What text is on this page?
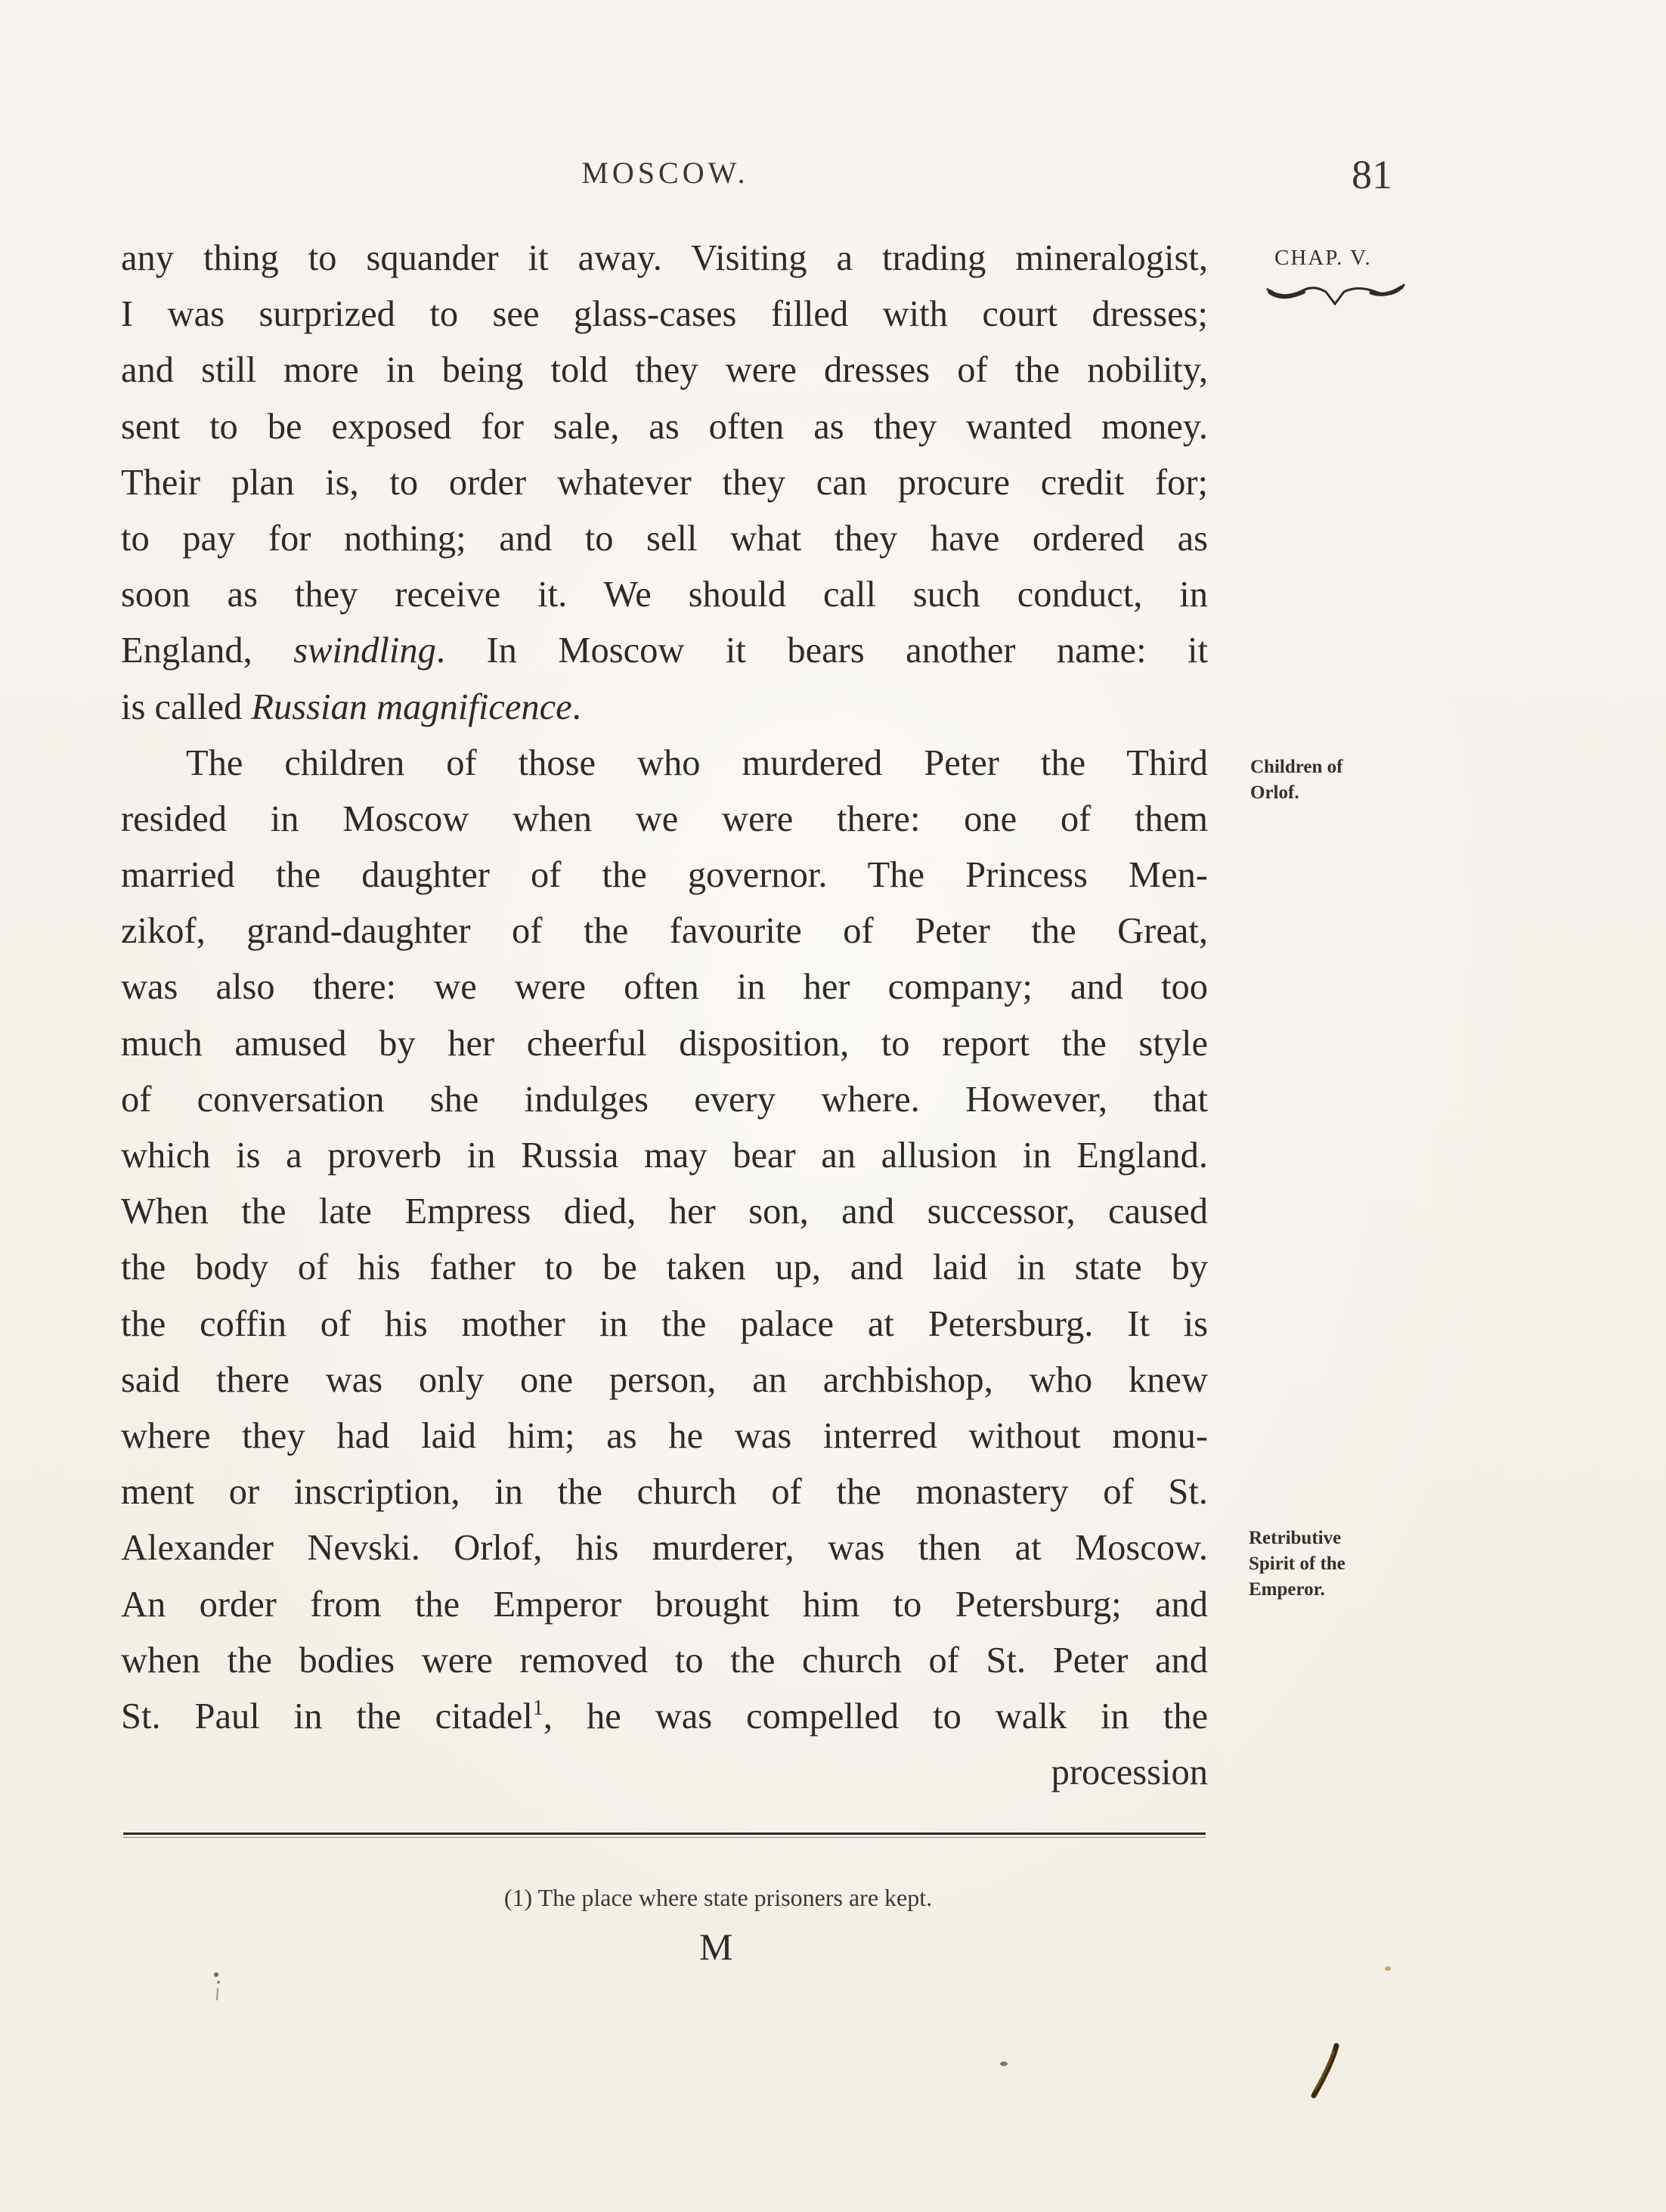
MOSCOW.	81
CHAP. V.
Children of
Orlof.
Retributive
Spirit of the
Emperor.
any thing to squander it away. Visiting a trading mineralogist,
I was surprized to see glass-cases filled with court dresses;
and still more in being told they were dresses of the nobility,
sent to be exposed for sale, as often as they wanted money.
Their plan is, to order whatever they can procure credit for;
to pay for nothing; and to sell what they have ordered as
soon as they receive it. We should call such conduct, in
England, swindling. In Moscow it bears another name: it
is called Russian magnificence.
The children of those who murdered Peter the Third
resided in Moscow when we were there: one of them
married the daughter of the governor. The Princess Men-
zikof, grand-daughter of the favourite of Peter the Great,
was also there: we were often in her company; and too
much amused by her cheerful disposition, to report the style
of conversation she indulges every where. However, that
which is a proverb in Russia may bear an allusion in England.
When the late Empress died, her son, and successor, caused
the body of his father to be taken up, and laid in state by
the coffin of his mother in the palace at Petersburg. It is
said there was only one person, an archbishop, who knew
where they had laid him; as he was interred without monu-
ment or inscription, in the church of the monastery of St.
Alexander Nevski. Orlof, his murderer, was then at Moscow.
An order from the Emperor brought him to Petersburg; and
when the bodies were removed to the church of St. Peter and
St. Paul in the citadel$^1$, he was compelled to walk in the
procession
(1) The place where state prisoners are kept.
M
